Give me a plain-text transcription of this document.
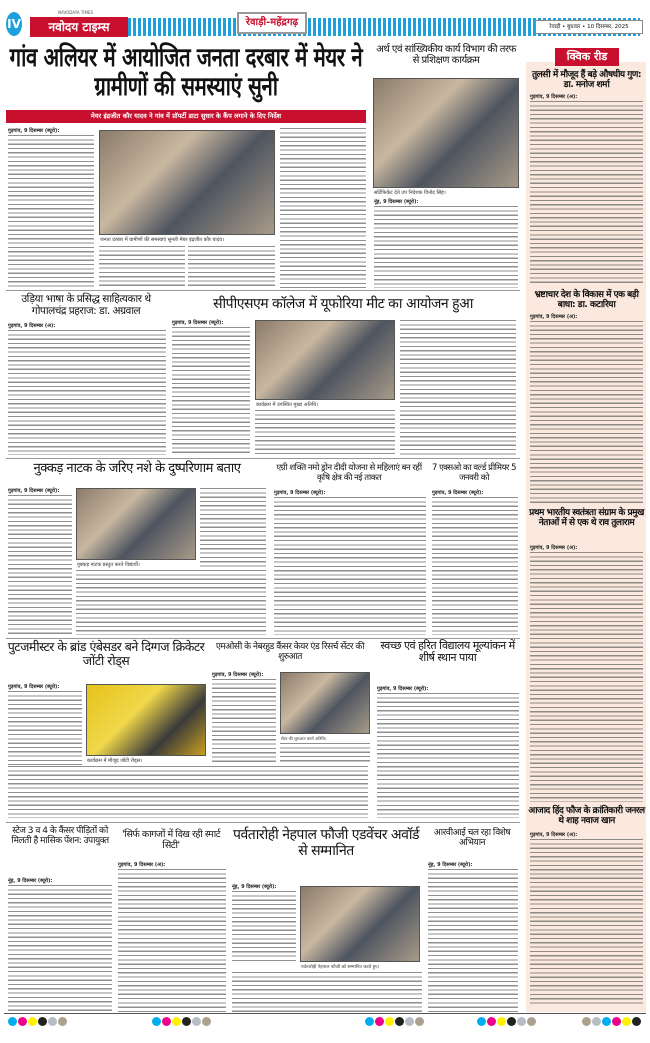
IV
NAVODAYA TIMES
नवोदय टाइम्स	रेवाड़ी-महेंद्रगढ़	रेवाड़ी • बुधवार • 10 दिसम्बर, 2025
गांव अलियर में आयोजित जनता दरबार में मेयर ने ग्रामीणों की समस्याएं सुनी
मेयर इंद्रजीत कौर यादव ने गांव में प्रॉपर्टी डाटा सुधार के कैंप लगाने के दिए निर्देश
गुड़गांव, 9 दिसम्बर (ब्यूरो):
जनता दरबार में ग्रामीणों की समस्याएं सुनती मेयर इंद्रजीत कौर यादव।
अर्थ एवं सांख्यिकीय कार्य विभाग की तरफ से प्रशिक्षण कार्यक्रम
सर्टिफिकेट देते उप निदेशक विनोद सिंह।
नूंह, 9 दिसम्बर (ब्यूरो):
क्विक रीड
तुलसी में मौजूद हैं बड़े औषधीय गुण: डा. मनोज शर्मा
गुड़गांव, 9 दिसम्बर (अ):
भ्रष्टाचार देश के विकास में एक बड़ी बाधा: डा. कटारिया
गुड़गांव, 9 दिसम्बर (अ):
प्रथम भारतीय स्वतंत्रता संग्राम के प्रमुख नेताओं में से एक थे राव तुलाराम
गुड़गांव, 9 दिसम्बर (अ):
आजाद हिंद फौज के क्रांतिकारी जनरल थे शाह नवाज खान
गुड़गांव, 9 दिसम्बर (अ):
उड़िया भाषा के प्रसिद्ध साहित्यकार थे गोपालचंद्र प्रहराज: डा. अग्रवाल
गुड़गांव, 9 दिसम्बर (अ):
सीपीएसएम कॉलेज में यूफोरिया मीट का आयोजन हुआ
गुड़गांव, 9 दिसम्बर (ब्यूरो):
कार्यक्रम में उपस्थित मुख्य अतिथि।
नुक्कड़ नाटक के जरिए नशे के दुष्परिणाम बताए
गुड़गांव, 9 दिसम्बर (ब्यूरो):
नुक्कड़ नाटक प्रस्तुत करते विद्यार्थी।
एग्री शक्ति नमो ड्रोन दीदी योजना से महिलाएं बन रहीं कृषि क्षेत्र की नई ताकत
गुड़गांव, 9 दिसम्बर (ब्यूरो):
7 एक्सओ का वर्ल्ड प्रीमियर 5 जनवरी को
गुड़गांव, 9 दिसम्बर (ब्यूरो):
पुटजमीस्टर के ब्रांड एंबेसडर बने दिग्गज क्रिकेटर जोंटी रोड्स
गुड़गांव, 9 दिसम्बर (ब्यूरो):
कार्यक्रम में मौजूद जोंटी रोड्स।
एमओसी के नेबरहुड कैंसर केयर एंड रिसर्च सेंटर की शुरुआत
गुड़गांव, 9 दिसम्बर (ब्यूरो):
सेंटर की शुरुआत करते अतिथि।
स्वच्छ एवं हरित विद्यालय मूल्यांकन में शीर्ष स्थान पाया
गुड़गांव, 9 दिसम्बर (ब्यूरो):
स्टेज 3 व 4 के कैंसर पीड़ितों को मिलती है मासिक पेंशन: उपायुक्त
नूंह, 9 दिसम्बर (ब्यूरो):
'सिर्फ कागजों में दिख रही स्मार्ट सिटी'
गुड़गांव, 9 दिसम्बर (अ):
पर्वतारोही नेहपाल फौजी एडवेंचर अवॉर्ड से सम्मानित
नूंह, 9 दिसम्बर (ब्यूरो):
पर्वतारोही नेहपाल फौजी को सम्मानित करते हुए।
आरवीआई चल रहा विशेष अभियान
नूंह, 9 दिसम्बर (ब्यूरो):
